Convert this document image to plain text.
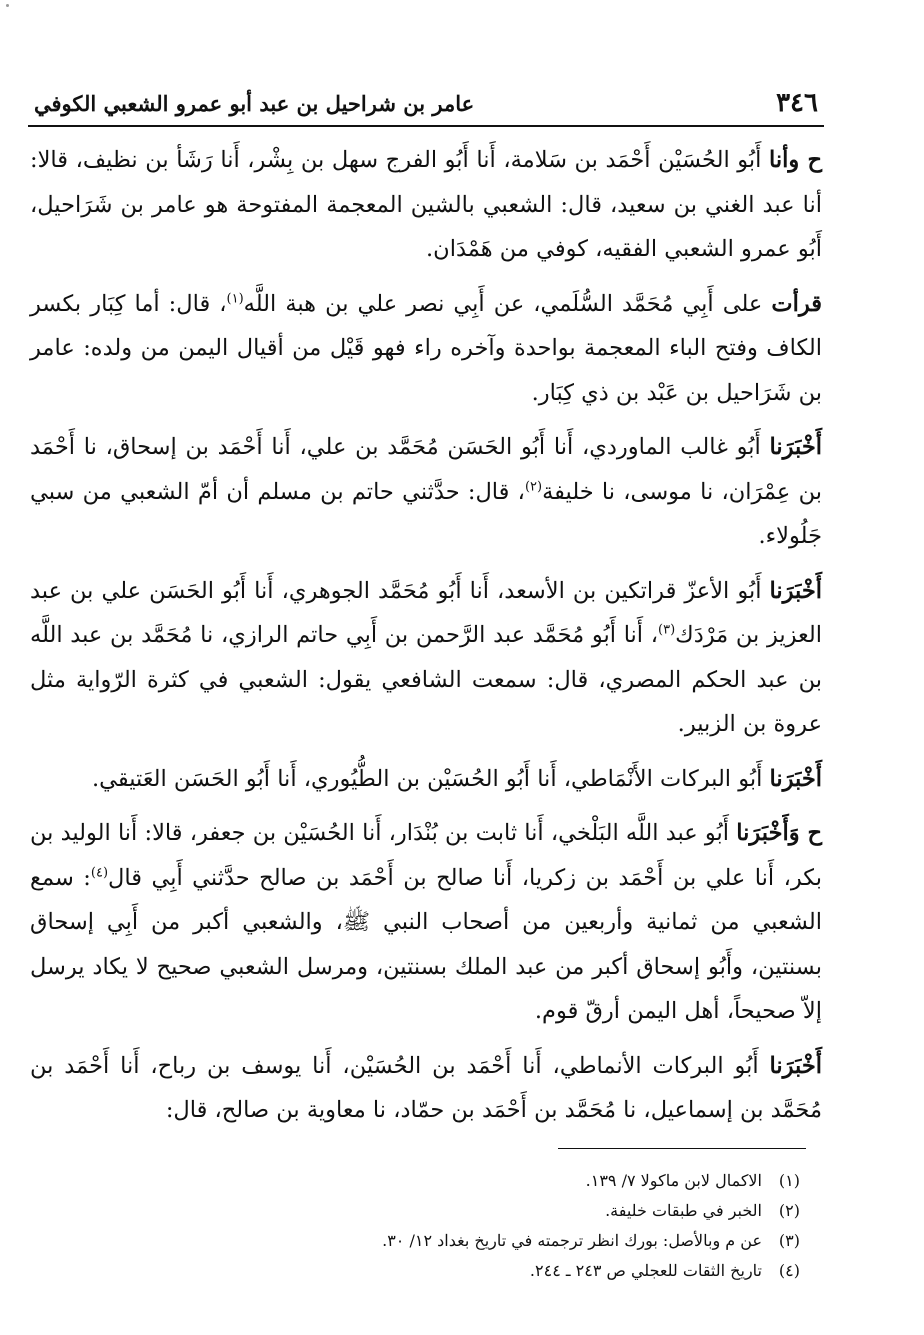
٣٤٦
عامر بن شراحيل بن عبد أبو عمرو الشعبي الكوفي

ح وأنا أَبُو الحُسَيْن أَحْمَد بن سَلامة، أَنا أَبُو الفرج سهل بن بِشْر، أَنا رَشَأ بن نظيف، قالا: أنا عبد الغني بن سعيد، قال: الشعبي بالشين المعجمة المفتوحة هو عامر بن شَرَاحيل، أَبُو عمرو الشعبي الفقيه، كوفي من هَمْدَان.

قرأت على أَبِي مُحَمَّد السُّلَمي، عن أَبِي نصر علي بن هبة اللَّه$^{(١)}$، قال: أما كِبَار بكسر الكاف وفتح الباء المعجمة بواحدة وآخره راء فهو قَيْل من أقيال اليمن من ولده: عامر بن شَرَاحيل بن عَبْد بن ذي كِبَار.

أَخْبَرَنا أَبُو غالب الماوردي، أَنا أَبُو الحَسَن مُحَمَّد بن علي، أَنا أَحْمَد بن إسحاق، نا أَحْمَد بن عِمْرَان، نا موسى، نا خليفة$^{(٢)}$، قال: حدَّثني حاتم بن مسلم أن أمّ الشعبي من سبي جَلُولاء.

أَخْبَرَنا أَبُو الأعزّ قراتكين بن الأسعد، أَنا أَبُو مُحَمَّد الجوهري، أَنا أَبُو الحَسَن علي بن عبد العزيز بن مَرْدَك$^{(٣)}$، أَنا أَبُو مُحَمَّد عبد الرَّحمن بن أَبِي حاتم الرازي، نا مُحَمَّد بن عبد اللَّه بن عبد الحكم المصري، قال: سمعت الشافعي يقول: الشعبي في كثرة الرّواية مثل عروة بن الزبير.

أَخْبَرَنا أَبُو البركات الأَنْمَاطي، أَنا أَبُو الحُسَيْن بن الطُّيُوري، أَنا أَبُو الحَسَن العَتيقي.

ح وَأَخْبَرَنا أَبُو عبد اللَّه البَلْخي، أَنا ثابت بن بُنْدَار، أَنا الحُسَيْن بن جعفر، قالا: أَنا الوليد بن بكر، أَنا علي بن أَحْمَد بن زكريا، أَنا صالح بن أَحْمَد بن صالح حدَّثني أَبِي قال$^{(٤)}$: سمع الشعبي من ثمانية وأربعين من أصحاب النبي ﷺ، والشعبي أكبر من أَبِي إسحاق بسنتين، وأَبُو إسحاق أكبر من عبد الملك بسنتين، ومرسل الشعبي صحيح لا يكاد يرسل إلاّ صحيحاً، أهل اليمن أرقّ قوم.

أَخْبَرَنا أَبُو البركات الأنماطي، أَنا أَحْمَد بن الحُسَيْن، أَنا يوسف بن رباح، أَنا أَحْمَد بن مُحَمَّد بن إسماعيل، نا مُحَمَّد بن أَحْمَد بن حمّاد، نا معاوية بن صالح، قال:

(١)
الاكمال لابن ماكولا ٧/ ١٣٩.
(٢)
الخبر في طبقات خليفة.
(٣)
عن م وبالأصل: بورك انظر ترجمته في تاريخ بغداد ١٢/ ٣٠.
(٤)
تاريخ الثقات للعجلي ص ٢٤٣ ـ ٢٤٤.
